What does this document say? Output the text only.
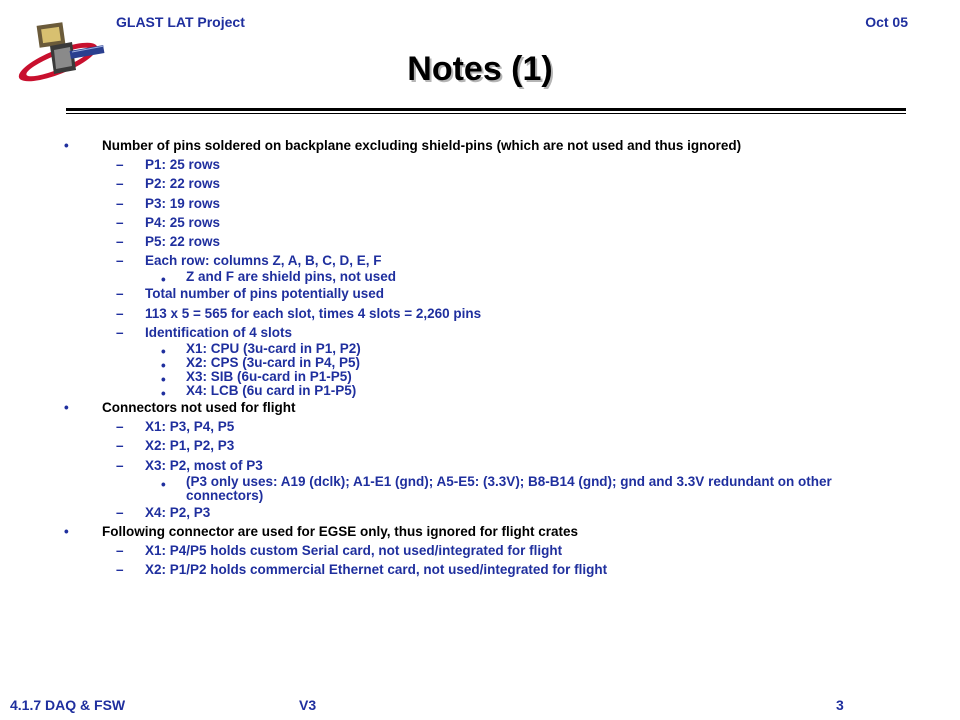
GLAST LAT Project	Oct 05
Notes (1)
• Number of pins soldered on backplane excluding shield-pins (which are not used and thus ignored)
– P1: 25 rows
– P2: 22 rows
– P3: 19 rows
– P4: 25 rows
– P5: 22 rows
– Each row: columns Z, A, B, C, D, E, F
• Z and F are shield pins, not used
– Total number of pins potentially used
– 113 x 5 = 565 for each slot, times 4 slots = 2,260 pins
– Identification of 4 slots
• X1: CPU (3u-card in P1, P2)
• X2: CPS (3u-card in P4, P5)
• X3: SIB (6u-card in P1-P5)
• X4: LCB (6u card in P1-P5)
• Connectors not used for flight
– X1: P3, P4, P5
– X2: P1, P2, P3
– X3: P2, most of P3
• (P3 only uses: A19 (dclk); A1-E1 (gnd); A5-E5: (3.3V); B8-B14 (gnd); gnd and 3.3V redundant on other connectors)
– X4: P2, P3
• Following connector are used for EGSE only, thus ignored for flight crates
– X1: P4/P5 holds custom Serial card, not used/integrated for flight
– X2: P1/P2 holds commercial Ethernet card, not used/integrated for flight
4.1.7 DAQ & FSW	V3	3
